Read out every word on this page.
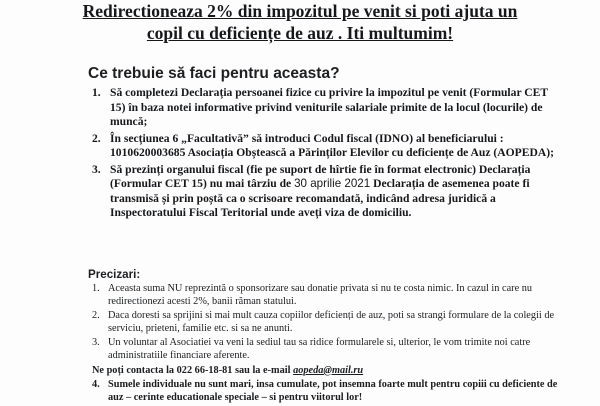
Redirectioneaza 2% din impozitul pe venit si poti ajuta un
copil cu deficiențe de auz . Iti multumim!
Ce trebuie să faci pentru aceasta?
1. Să completezi Declarația persoanei fizice cu privire la impozitul pe venit (Formular CET 15) în baza notei informative privind veniturile salariale primite de la locul (locurile) de muncă;
2. În secțiunea 6 „Facultativă” să introduci Codul fiscal (IDNO) al beneficiarului : 1010620003685 Asociația Obștească a Părinților Elevilor cu deficiențe de Auz (AOPEDA);
3. Să prezinți organului fiscal (fie pe suport de hîrtie fie în format electronic) Declarația (Formular CET 15) nu mai târziu de 30 aprilie 2021 Declarația de asemenea poate fi transmisă și prin poștă ca o scrisoare recomandată, indicând adresa juridică a Inspectoratului Fiscal Teritorial unde aveți viza de domiciliu.
Precizari:
1. Aceasta suma NU reprezintă o sponsorizare sau donatie privata si nu te costa nimic. In cazul in care nu redirectionezi acesti 2%, banii răman statului.
2. Daca doresti sa sprijini si mai mult cauza copiilor deficienți de auz, poti sa strangi formulare de la colegii de serviciu, prieteni, familie etc. si sa ne anunti.
3. Un voluntar al Asociatiei va veni la sediul tau sa ridice formularele si, ulterior, le vom trimite noi catre administratiile financiare aferente.
Ne poți contacta la 022 66-18-81 sau la e-mail aopeda@mail.ru
4. Sumele individuale nu sunt mari, insa cumulate, pot insemna foarte mult pentru copiii cu deficiente de auz – cerinte educationale speciale – si pentru viitorul lor!
